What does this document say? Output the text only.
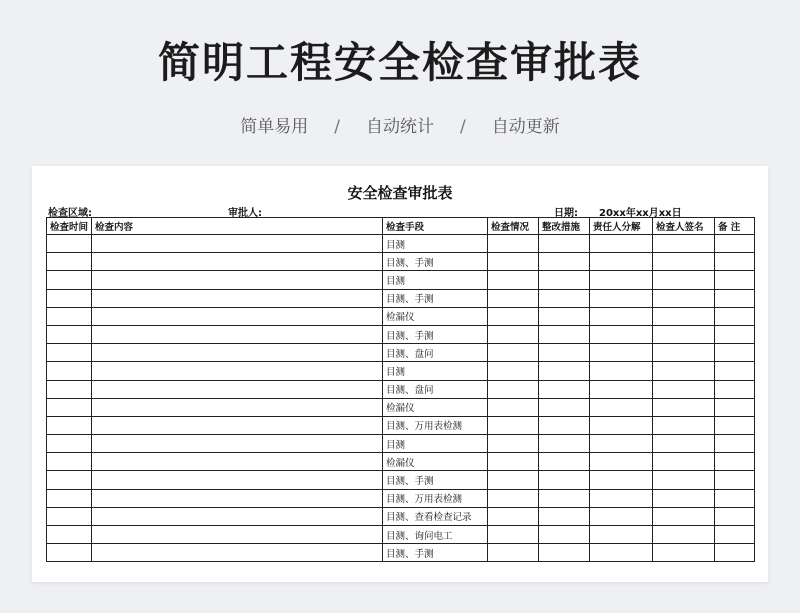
简明工程安全检查审批表
简单易用 / 自动统计 / 自动更新
安全检查审批表
检查区域:	审批人:	日期: 20xx年xx月xx日
检查时间	检查内容	检查手段	检查情况	整改措施	责任人分解	检查人签名	备 注
		目测					
		目测、手测					
		目测					
		目测、手测					
		检漏仪					
		目测、手测					
		目测、盘问					
		目测					
		目测、盘问					
		检漏仪					
		目测、万用表检测					
		目测					
		检漏仪					
		目测、手测					
		目测、万用表检测					
		目测、查看检查记录					
		目测、询问电工					
		目测、手测					
